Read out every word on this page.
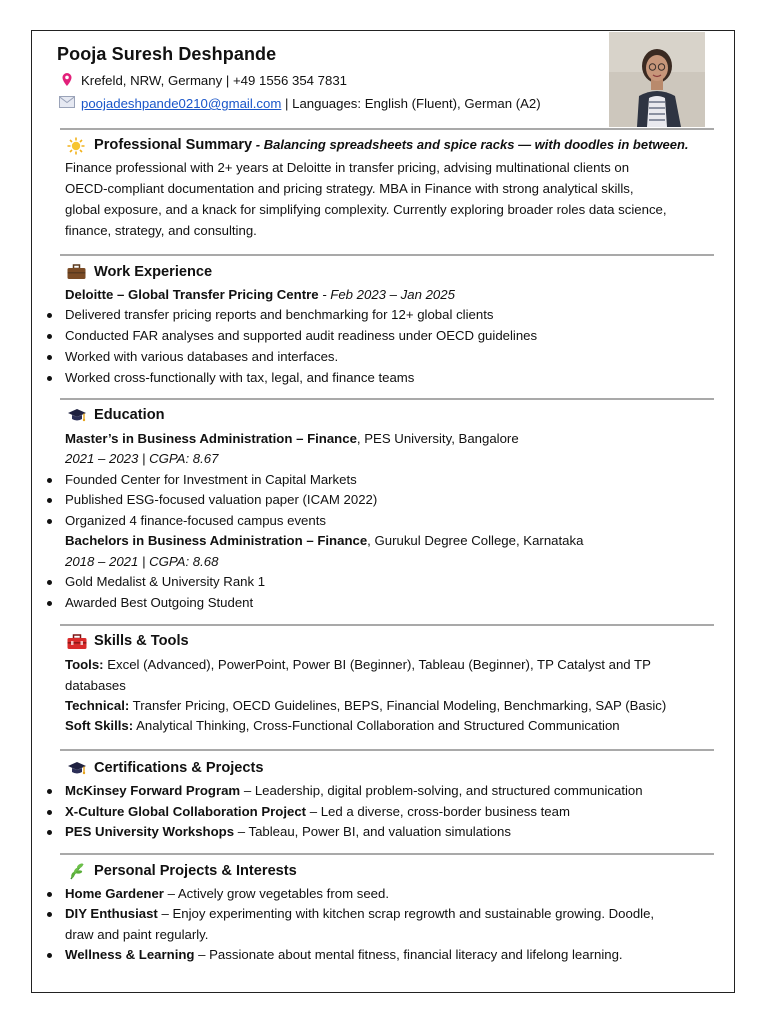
Pooja Suresh Deshpande
Krefeld, NRW, Germany | +49 1556 354 7831
poojadeshpande0210@gmail.com | Languages: English (Fluent), German (A2)
Professional Summary - Balancing spreadsheets and spice racks — with doodles in between.
Finance professional with 2+ years at Deloitte in transfer pricing, advising multinational clients on
OECD-compliant documentation and pricing strategy. MBA in Finance with strong analytical skills,
global exposure, and a knack for simplifying complexity. Currently exploring broader roles data science,
finance, strategy, and consulting.
Work Experience
Deloitte – Global Transfer Pricing Centre - Feb 2023 – Jan 2025
Delivered transfer pricing reports and benchmarking for 12+ global clients
Conducted FAR analyses and supported audit readiness under OECD guidelines
Worked with various databases and interfaces.
Worked cross-functionally with tax, legal, and finance teams
Education
Master’s in Business Administration – Finance, PES University, Bangalore
2021 – 2023 | CGPA: 8.67
Founded Center for Investment in Capital Markets
Published ESG-focused valuation paper (ICAM 2022)
Organized 4 finance-focused campus events
Bachelors in Business Administration – Finance, Gurukul Degree College, Karnataka
2018 – 2021 | CGPA: 8.68
Gold Medalist & University Rank 1
Awarded Best Outgoing Student
Skills & Tools
Tools: Excel (Advanced), PowerPoint, Power BI (Beginner), Tableau (Beginner), TP Catalyst and TP
databases
Technical: Transfer Pricing, OECD Guidelines, BEPS, Financial Modeling, Benchmarking, SAP (Basic)
Soft Skills: Analytical Thinking, Cross-Functional Collaboration and Structured Communication
Certifications & Projects
McKinsey Forward Program – Leadership, digital problem-solving, and structured communication
X-Culture Global Collaboration Project – Led a diverse, cross-border business team
PES University Workshops – Tableau, Power BI, and valuation simulations
Personal Projects & Interests
Home Gardener – Actively grow vegetables from seed.
DIY Enthusiast – Enjoy experimenting with kitchen scrap regrowth and sustainable growing. Doodle,
draw and paint regularly.
Wellness & Learning – Passionate about mental fitness, financial literacy and lifelong learning.
